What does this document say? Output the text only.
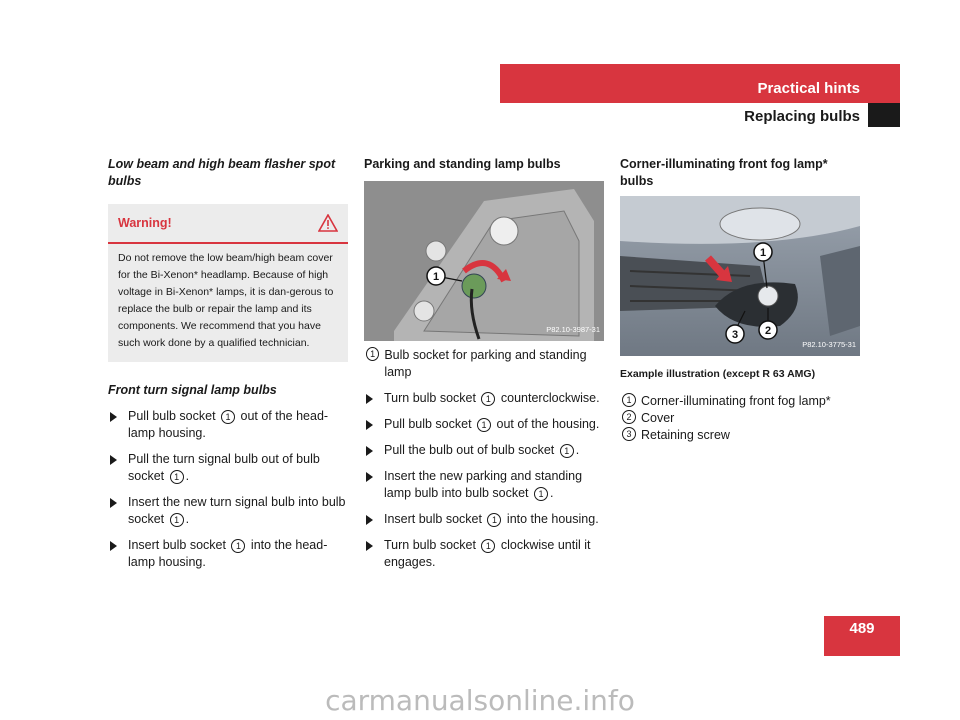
Practical hints
Replacing bulbs
Low beam and high beam flasher spot bulbs
Warning!
Do not remove the low beam/high beam cover for the Bi-Xenon* headlamp. Because of high voltage in Bi-Xenon* lamps, it is dan-gerous to replace the bulb or repair the lamp and its components. We recommend that you have such work done by a qualified technician.
Front turn signal lamp bulbs
Pull bulb socket 1 out of the head-lamp housing.
Pull the turn signal bulb out of bulb socket 1 .
Insert the new turn signal bulb into bulb socket 1 .
Insert bulb socket 1 into the head-lamp housing.
Parking and standing lamp bulbs
1
P82.10-3987-31
1 Bulb socket for parking and standing lamp
Turn bulb socket 1 counterclockwise.
Pull bulb socket 1 out of the housing.
Pull the bulb out of bulb socket 1 .
Insert the new parking and standing lamp bulb into bulb socket 1 .
Insert bulb socket 1 into the housing.
Turn bulb socket 1 clockwise until it engages.
Corner-illuminating front fog lamp* bulbs
1
3 2
P82.10-3775-31
Example illustration (except R 63 AMG)
1 Corner-illuminating front fog lamp*
2 Cover
3 Retaining screw
489
carmanualsonline.info
